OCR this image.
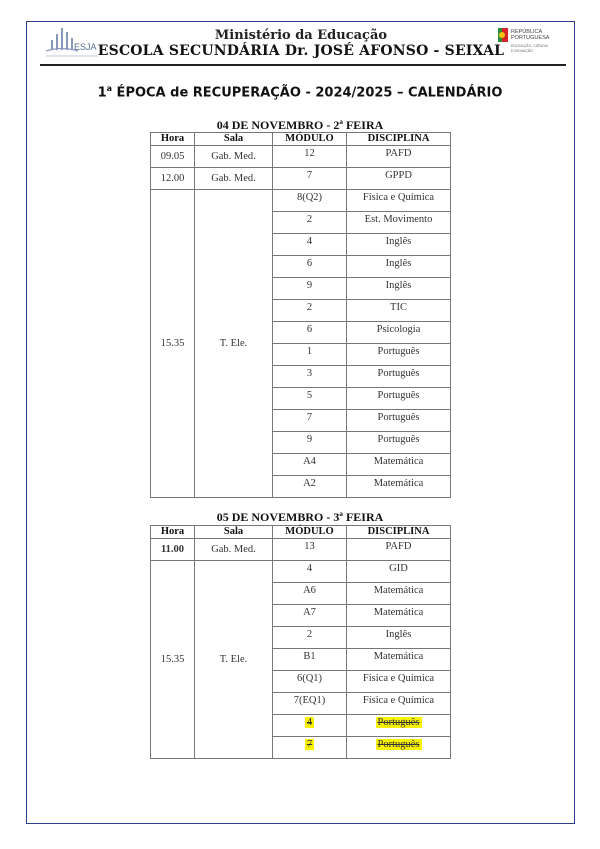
ESJA
Ministério da Educação
ESCOLA SECUNDÁRIA Dr. JOSÉ AFONSO - SEIXAL
REPÚBLICA
PORTUGUESA
EDUCAÇÃO, CIÊNCIA
E INOVAÇÃO
1$^a$ ÉPOCA de RECUPERAÇÃO - 2024/2025 – CALENDÁRIO
04 DE NOVEMBRO - 2ª FEIRA
Hora	Sala	MÓDULO	DISCIPLINA
09.05	Gab. Med.	12	PAFD
12.00	Gab. Med.	7	GPPD
15.35	T. Ele.	8(Q2)	Física e Química
		2	Est. Movimento
		4	Inglês
		6	Inglês
		9	Inglês
		2	TIC
		6	Psicologia
		1	Português
		3	Português
		5	Português
		7	Português
		9	Português
		A4	Matemática
		A2	Matemática
05 DE NOVEMBRO - 3ª FEIRA
Hora	Sala	MÓDULO	DISCIPLINA
11.00	Gab. Med.	13	PAFD
15.35	T. Ele.	4	GID
		A6	Matemática
		A7	Matemática
		2	Inglês
		B1	Matemática
		6(Q1)	Física e Química
		7(EQ1)	Física e Química
		4	Português
		7	Português
